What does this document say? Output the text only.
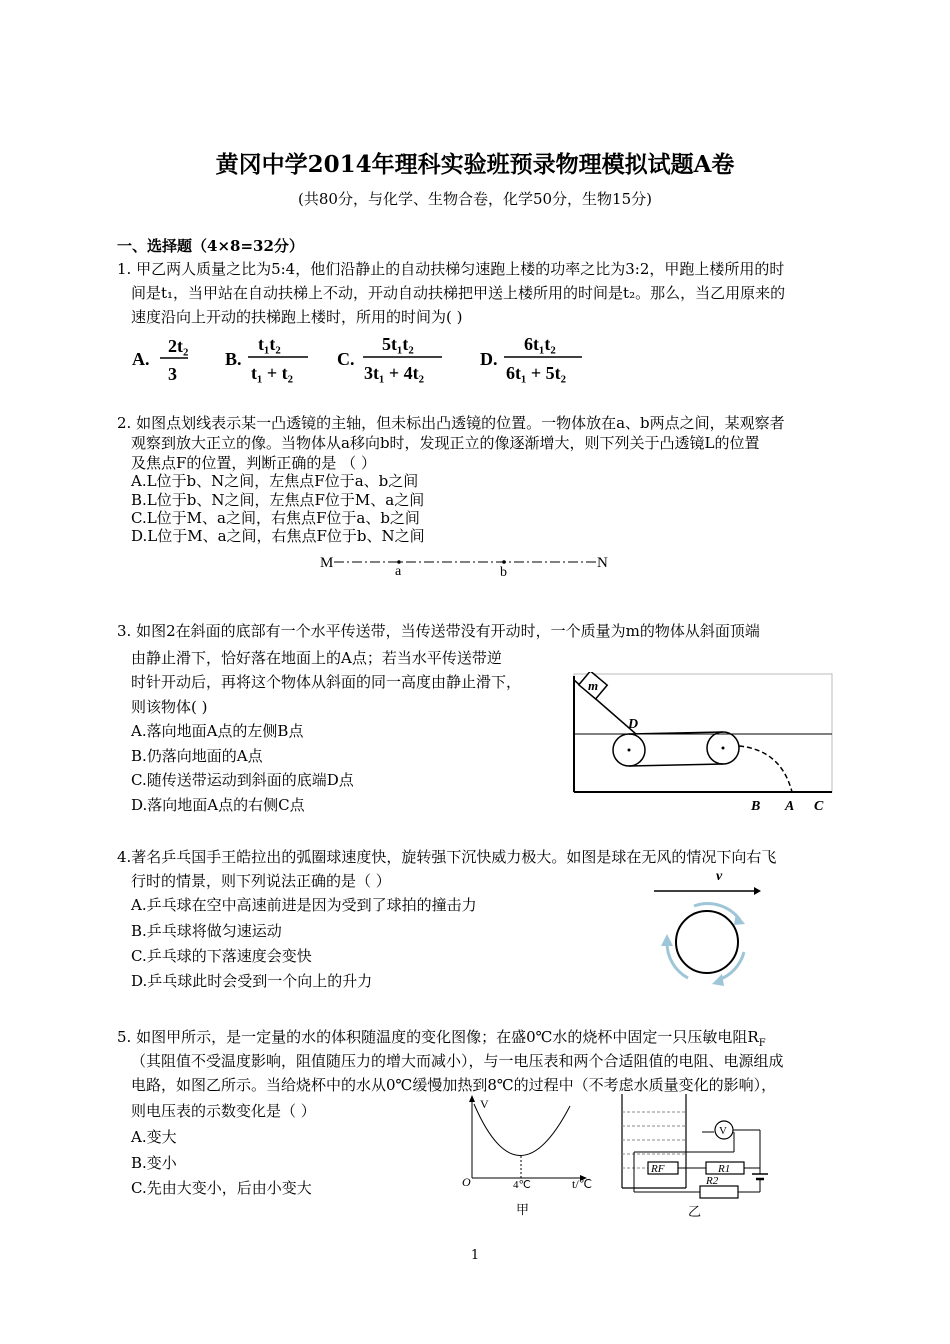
黄冈中学2014年理科实验班预录物理模拟试题A卷
(共80分，与化学、生物合卷，化学50分，生物15分)
一、选择题（4×8=32分）
1. 甲乙两人质量之比为5:4，他们沿静止的自动扶梯匀速跑上楼的功率之比为3:2，甲跑上楼所用的时
间是t₁，当甲站在自动扶梯上不动，开动自动扶梯把甲送上楼所用的时间是t₂。那么，当乙用原来的
速度沿向上开动的扶梯跑上楼时，所用的时间为( )
A.
2t₂
3
B.
t₁t₂
t₁ + t₂
C.
5t₁t₂
3t₁ + 4t₂
D.
6t₁t₂
6t₁ + 5t₂
2. 如图点划线表示某一凸透镜的主轴，但未标出凸透镜的位置。一物体放在a、b两点之间，某观察者
观察到放大正立的像。当物体从a移向b时，发现正立的像逐渐增大，则下列关于凸透镜L的位置
及焦点F的位置，判断正确的是 （ ）
A.L位于b、N之间，左焦点F位于a、b之间
B.L位于b、N之间，左焦点F位于M、a之间
C.L位于M、a之间，右焦点F位于a、b之间
D.L位于M、a之间，右焦点F位于b、N之间
M
a	b
N
3. 如图2在斜面的底部有一个水平传送带，当传送带没有开动时，一个质量为m的物体从斜面顶端
由静止滑下，恰好落在地面上的A点；若当水平传送带逆
时针开动后，再将这个物体从斜面的同一高度由静止滑下，
则该物体( )
A.落向地面A点的左侧B点
B.仍落向地面的A点
C.随传送带运动到斜面的底端D点
D.落向地面A点的右侧C点
m
D
B A C
4.著名乒乓国手王皓拉出的弧圈球速度快，旋转强下沉快威力极大。如图是球在无风的情况下向右飞
行时的情景，则下列说法正确的是（ ）
A.乒乓球在空中高速前进是因为受到了球拍的撞击力
B.乒乓球将做匀速运动
C.乒乓球的下落速度会变快
D.乒乓球此时会受到一个向上的升力
v
5. 如图甲所示，是一定量的水的体积随温度的变化图像；在盛0℃水的烧杯中固定一只压敏电阻$R_F$
（其阻值不受温度影响，阻值随压力的增大而减小），与一电压表和两个合适阻值的电阻、电源组成
电路，如图乙所示。当给烧杯中的水从0℃缓慢加热到8℃的过程中（不考虑水质量变化的影响），
则电压表的示数变化是（ ）
A.变大
B.变小
C.先由大变小，后由小变大
V
O	4℃	t/℃
甲
RF	R1
V
R2
乙
1
